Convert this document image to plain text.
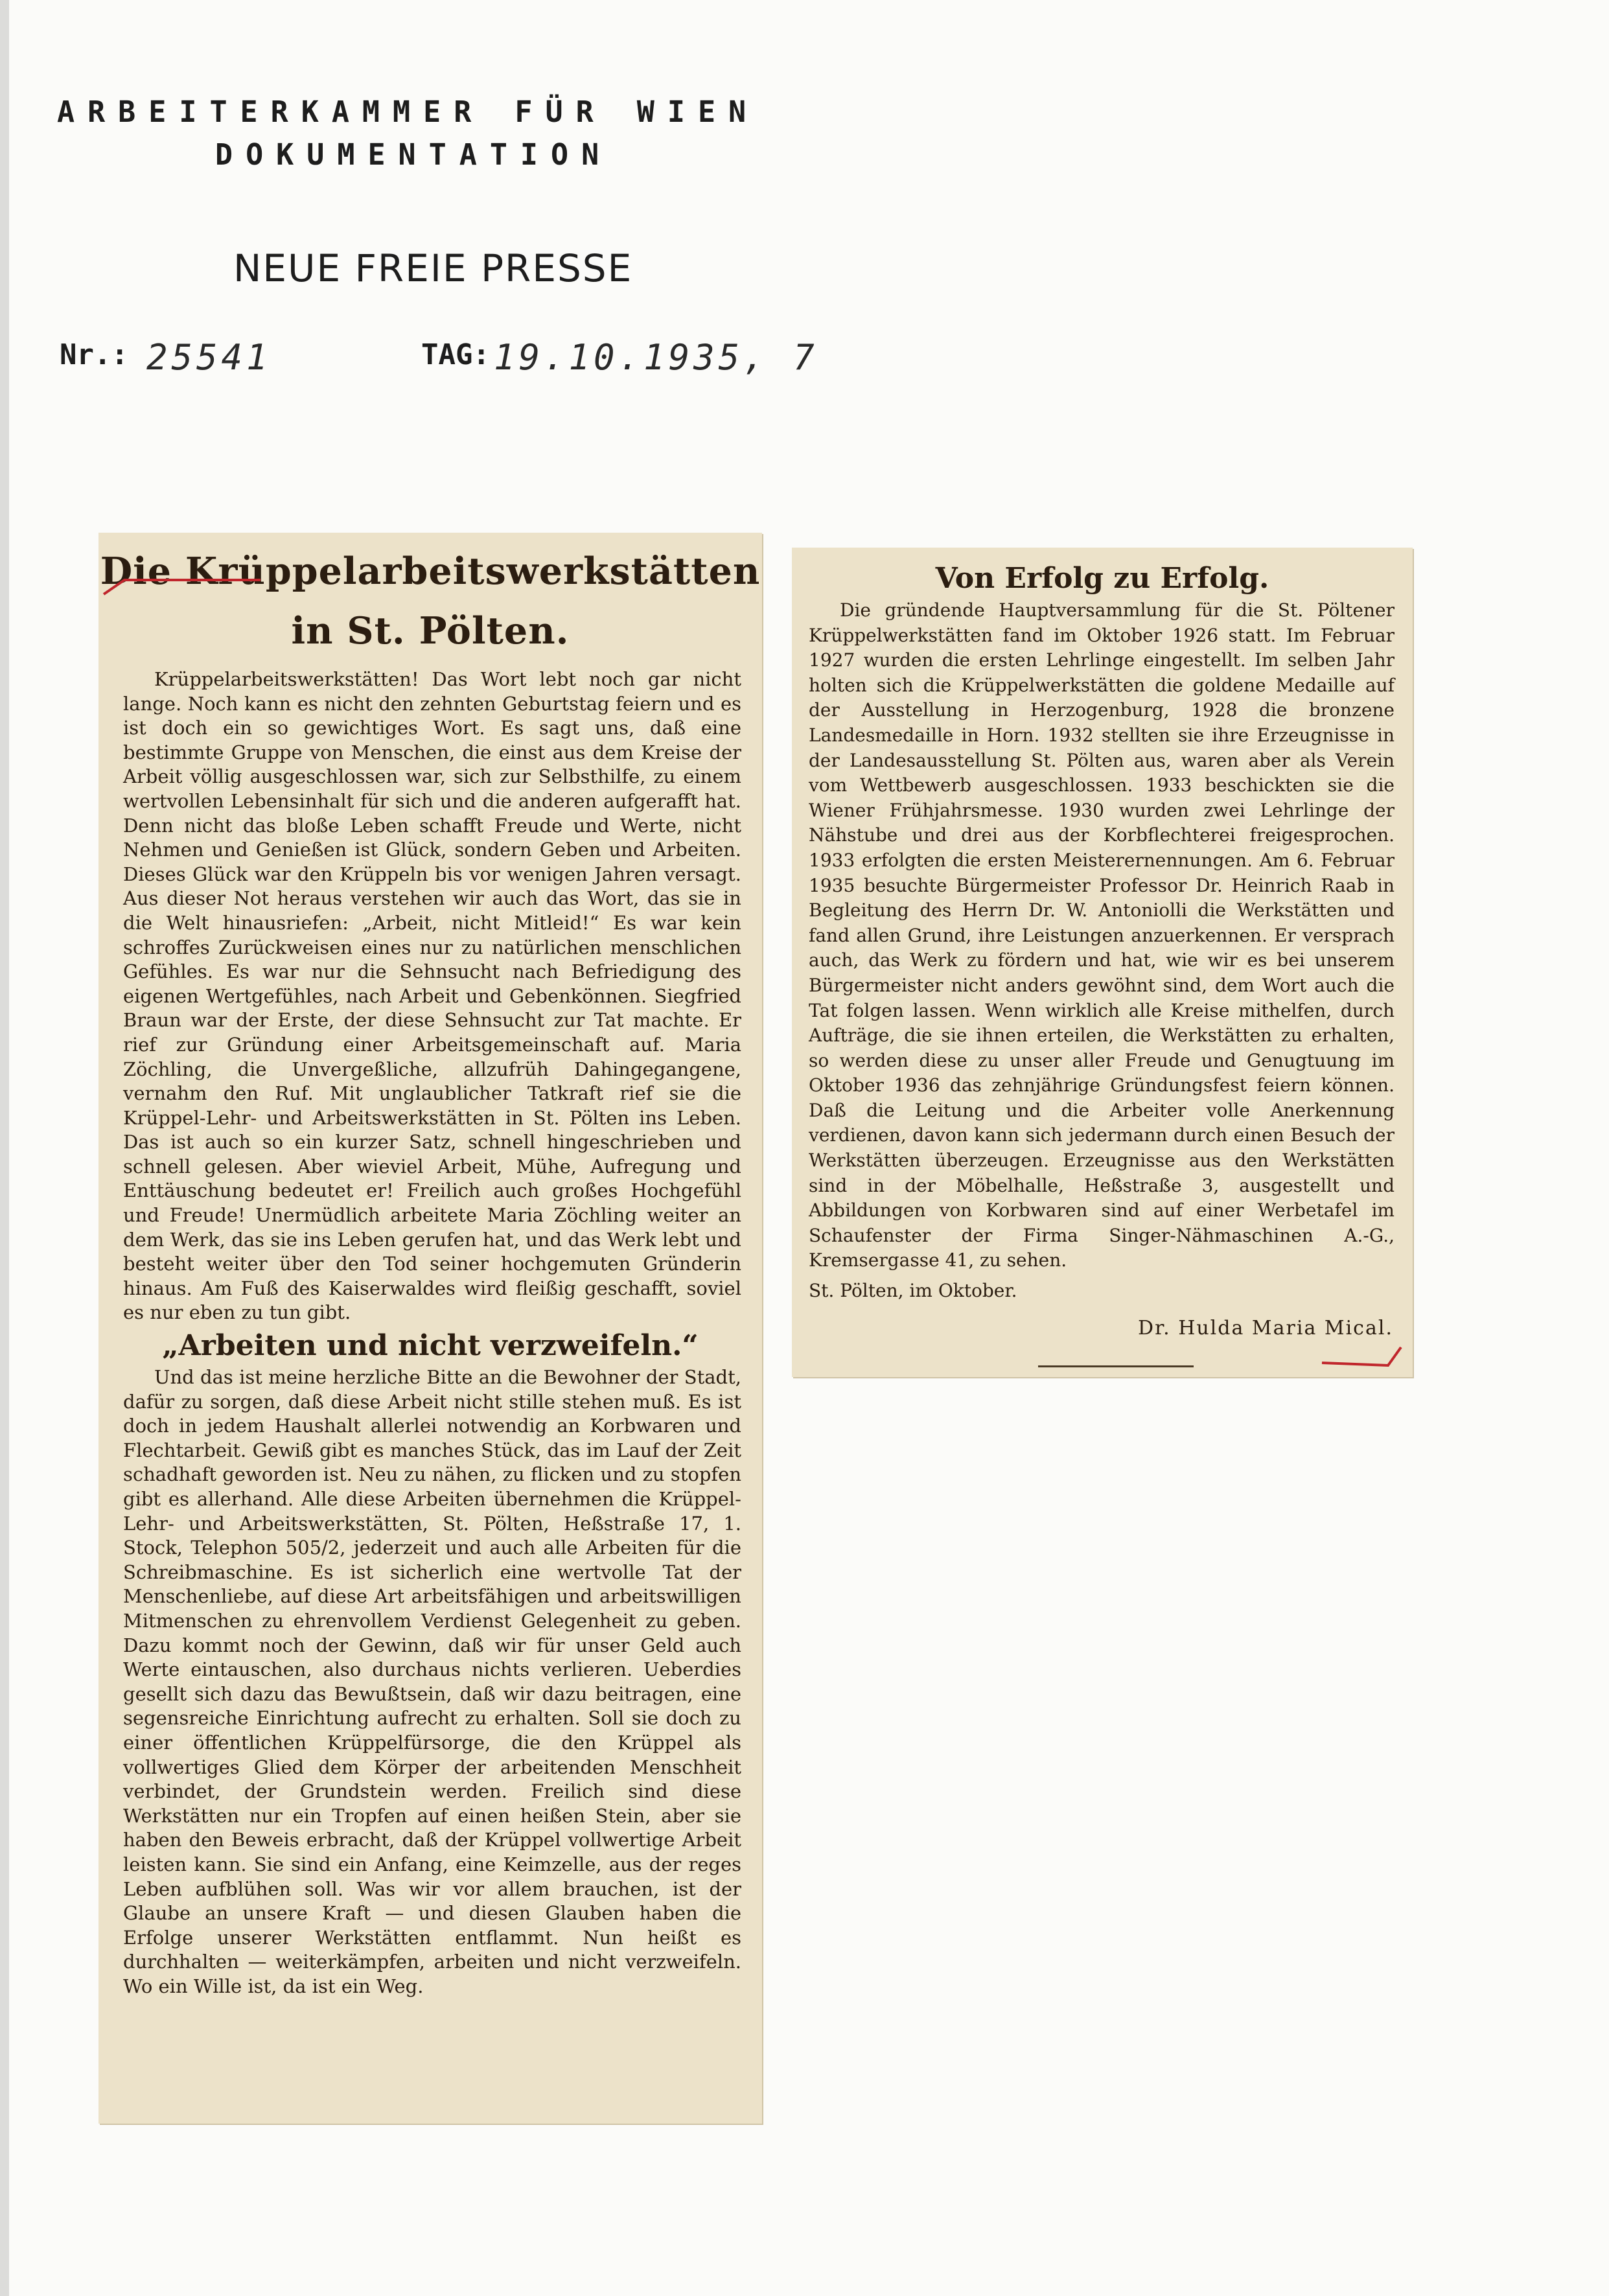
ARBEITERKAMMER FÜR WIEN
DOKUMENTATION
NEUE FREIE PRESSE
Nr.: 25541	TAG: 19.10.1935, 7

Die Krüppelarbeitswerkstätten

in St. Pölten.

Krüppelarbeitswerkstätten! Das Wort lebt noch gar nicht lange. Noch kann es nicht den zehnten Geburtstag feiern und es ist doch ein so gewichtiges Wort. Es sagt uns, daß eine bestimmte Gruppe von Menschen, die einst aus dem Kreise der Arbeit völlig ausgeschlossen war, sich zur Selbsthilfe, zu einem wertvollen Lebensinhalt für sich und die anderen aufgerafft hat. Denn nicht das bloße Leben schafft Freude und Werte, nicht Nehmen und Genießen ist Glück, sondern Geben und Arbeiten. Dieses Glück war den Krüppeln bis vor wenigen Jahren versagt. Aus dieser Not heraus verstehen wir auch das Wort, das sie in die Welt hinausriefen: „Arbeit, nicht Mitleid!“ Es war kein schroffes Zurückweisen eines nur zu natürlichen menschlichen Gefühles. Es war nur die Sehnsucht nach Befriedigung des eigenen Wertgefühles, nach Arbeit und Gebenkönnen. Siegfried Braun war der Erste, der diese Sehnsucht zur Tat machte. Er rief zur Gründung einer Arbeitsgemeinschaft auf. Maria Zöchling, die Unvergeßliche, allzufrüh Dahingegangene, vernahm den Ruf. Mit unglaublicher Tatkraft rief sie die Krüppel-Lehr- und Arbeitswerkstätten in St. Pölten ins Leben. Das ist auch so ein kurzer Satz, schnell hingeschrieben und schnell gelesen. Aber wieviel Arbeit, Mühe, Aufregung und Enttäuschung bedeutet er! Freilich auch großes Hochgefühl und Freude! Unermüdlich arbeitete Maria Zöchling weiter an dem Werk, das sie ins Leben gerufen hat, und das Werk lebt und besteht weiter über den Tod seiner hochgemuten Gründerin hinaus. Am Fuß des Kaiserwaldes wird fleißig geschafft, soviel es nur eben zu tun gibt.

„Arbeiten und nicht verzweifeln.“

Und das ist meine herzliche Bitte an die Bewohner der Stadt, dafür zu sorgen, daß diese Arbeit nicht stille stehen muß. Es ist doch in jedem Haushalt allerlei notwendig an Korbwaren und Flechtarbeit. Gewiß gibt es manches Stück, das im Lauf der Zeit schadhaft geworden ist. Neu zu nähen, zu flicken und zu stopfen gibt es allerhand. Alle diese Arbeiten übernehmen die Krüppel-Lehr- und Arbeitswerkstätten, St. Pölten, Heßstraße 17, 1. Stock, Telephon 505/2, jederzeit und auch alle Arbeiten für die Schreibmaschine. Es ist sicherlich eine wertvolle Tat der Menschenliebe, auf diese Art arbeitsfähigen und arbeitswilligen Mitmenschen zu ehrenvollem Verdienst Gelegenheit zu geben. Dazu kommt noch der Gewinn, daß wir für unser Geld auch Werte eintauschen, also durchaus nichts verlieren. Ueberdies gesellt sich dazu das Bewußtsein, daß wir dazu beitragen, eine segensreiche Einrichtung aufrecht zu erhalten. Soll sie doch zu einer öffentlichen Krüppelfürsorge, die den Krüppel als vollwertiges Glied dem Körper der arbeitenden Menschheit verbindet, der Grundstein werden. Freilich sind diese Werkstätten nur ein Tropfen auf einen heißen Stein, aber sie haben den Beweis erbracht, daß der Krüppel vollwertige Arbeit leisten kann. Sie sind ein Anfang, eine Keimzelle, aus der reges Leben aufblühen soll. Was wir vor allem brauchen, ist der Glaube an unsere Kraft — und diesen Glauben haben die Erfolge unserer Werkstätten entflammt. Nun heißt es durchhalten — weiterkämpfen, arbeiten und nicht verzweifeln. Wo ein Wille ist, da ist ein Weg.

Von Erfolg zu Erfolg.

Die gründende Hauptversammlung für die St. Pöltener Krüppelwerkstätten fand im Oktober 1926 statt. Im Februar 1927 wurden die ersten Lehrlinge eingestellt. Im selben Jahr holten sich die Krüppelwerkstätten die goldene Medaille auf der Ausstellung in Herzogenburg, 1928 die bronzene Landesmedaille in Horn. 1932 stellten sie ihre Erzeugnisse in der Landesausstellung St. Pölten aus, waren aber als Verein vom Wettbewerb ausgeschlossen. 1933 beschickten sie die Wiener Frühjahrsmesse. 1930 wurden zwei Lehrlinge der Nähstube und drei aus der Korbflechterei freigesprochen. 1933 erfolgten die ersten Meisterernennungen. Am 6. Februar 1935 besuchte Bürgermeister Professor Dr. Heinrich Raab in Begleitung des Herrn Dr. W. Antoniolli die Werkstätten und fand allen Grund, ihre Leistungen anzuerkennen. Er versprach auch, das Werk zu fördern und hat, wie wir es bei unserem Bürgermeister nicht anders gewöhnt sind, dem Wort auch die Tat folgen lassen. Wenn wirklich alle Kreise mithelfen, durch Aufträge, die sie ihnen erteilen, die Werkstätten zu erhalten, so werden diese zu unser aller Freude und Genugtuung im Oktober 1936 das zehnjährige Gründungsfest feiern können. Daß die Leitung und die Arbeiter volle Anerkennung verdienen, davon kann sich jedermann durch einen Besuch der Werkstätten überzeugen. Erzeugnisse aus den Werkstätten sind in der Möbelhalle, Heßstraße 3, ausgestellt und Abbildungen von Korbwaren sind auf einer Werbetafel im Schaufenster der Firma Singer-Nähmaschinen A.-G., Kremsergasse 41, zu sehen.

St. Pölten, im Oktober.

Dr. Hulda Maria Mical.
